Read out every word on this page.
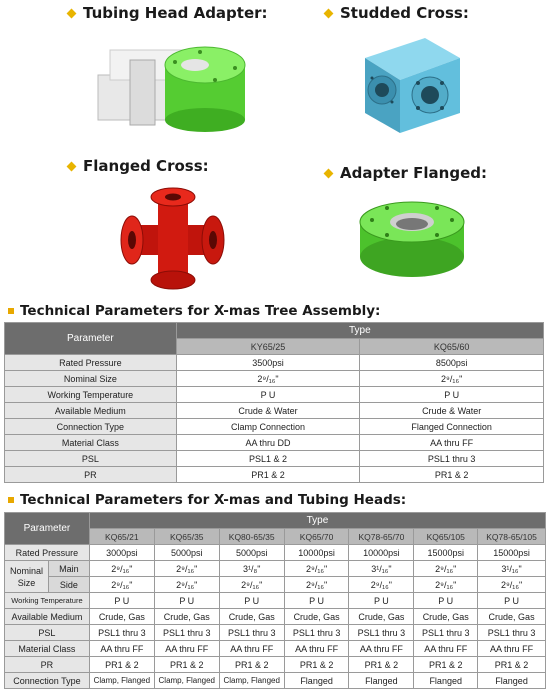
Tubing Head Adapter:	Studded Cross:
Flanged Cross:	Adapter Flanged:
Technical Parameters for X-mas Tree Assembly:
Parameter	Type	
	KY65/25	KQ65/60
Rated Pressure	3500psi	8500psi
Nominal Size	2⁹/₁₆"	2⁹/₁₆"
Working Temperature	P U	P U
Available Medium	Crude & Water	Crude & Water
Connection Type	Clamp Connection	Flanged Connection
Material Class	AA thru DD	AA thru FF
PSL	PSL1 & 2	PSL1 thru 3
PR	PR1 & 2	PR1 & 2
Technical Parameters for X-mas and Tubing Heads:
Parameter		Type						
		KQ65/21	KQ65/35	KQ80-65/35	KQ65/70	KQ78-65/70	KQ65/105	KQ78-65/105
Rated Pressure		3000psi	5000psi	5000psi	10000psi	10000psi	15000psi	15000psi
Nominal Size	Main	2⁹/₁₆"	2⁹/₁₆"	3¹/₈"	2⁹/₁₆"	3¹/₁₆"	2⁹/₁₆"	3¹/₁₆"
	Side	2⁹/₁₆"	2⁹/₁₆"	2⁹/₁₆"	2⁹/₁₆"	2⁹/₁₆"	2⁹/₁₆"	2⁹/₁₆"
Working Temperature		P U	P U	P U	P U	P U	P U	P U
Available Medium		Crude, Gas	Crude, Gas	Crude, Gas	Crude, Gas	Crude, Gas	Crude, Gas	Crude, Gas
PSL		PSL1 thru 3	PSL1 thru 3	PSL1 thru 3	PSL1 thru 3	PSL1 thru 3	PSL1 thru 3	PSL1 thru 3
Material Class		AA thru FF	AA thru FF	AA thru FF	AA thru FF	AA thru FF	AA thru FF	AA thru FF
PR		PR1 & 2	PR1 & 2	PR1 & 2	PR1 & 2	PR1 & 2	PR1 & 2	PR1 & 2
Connection Type		Clamp, Flanged	Clamp, Flanged	Clamp, Flanged	Flanged	Flanged	Flanged	Flanged
